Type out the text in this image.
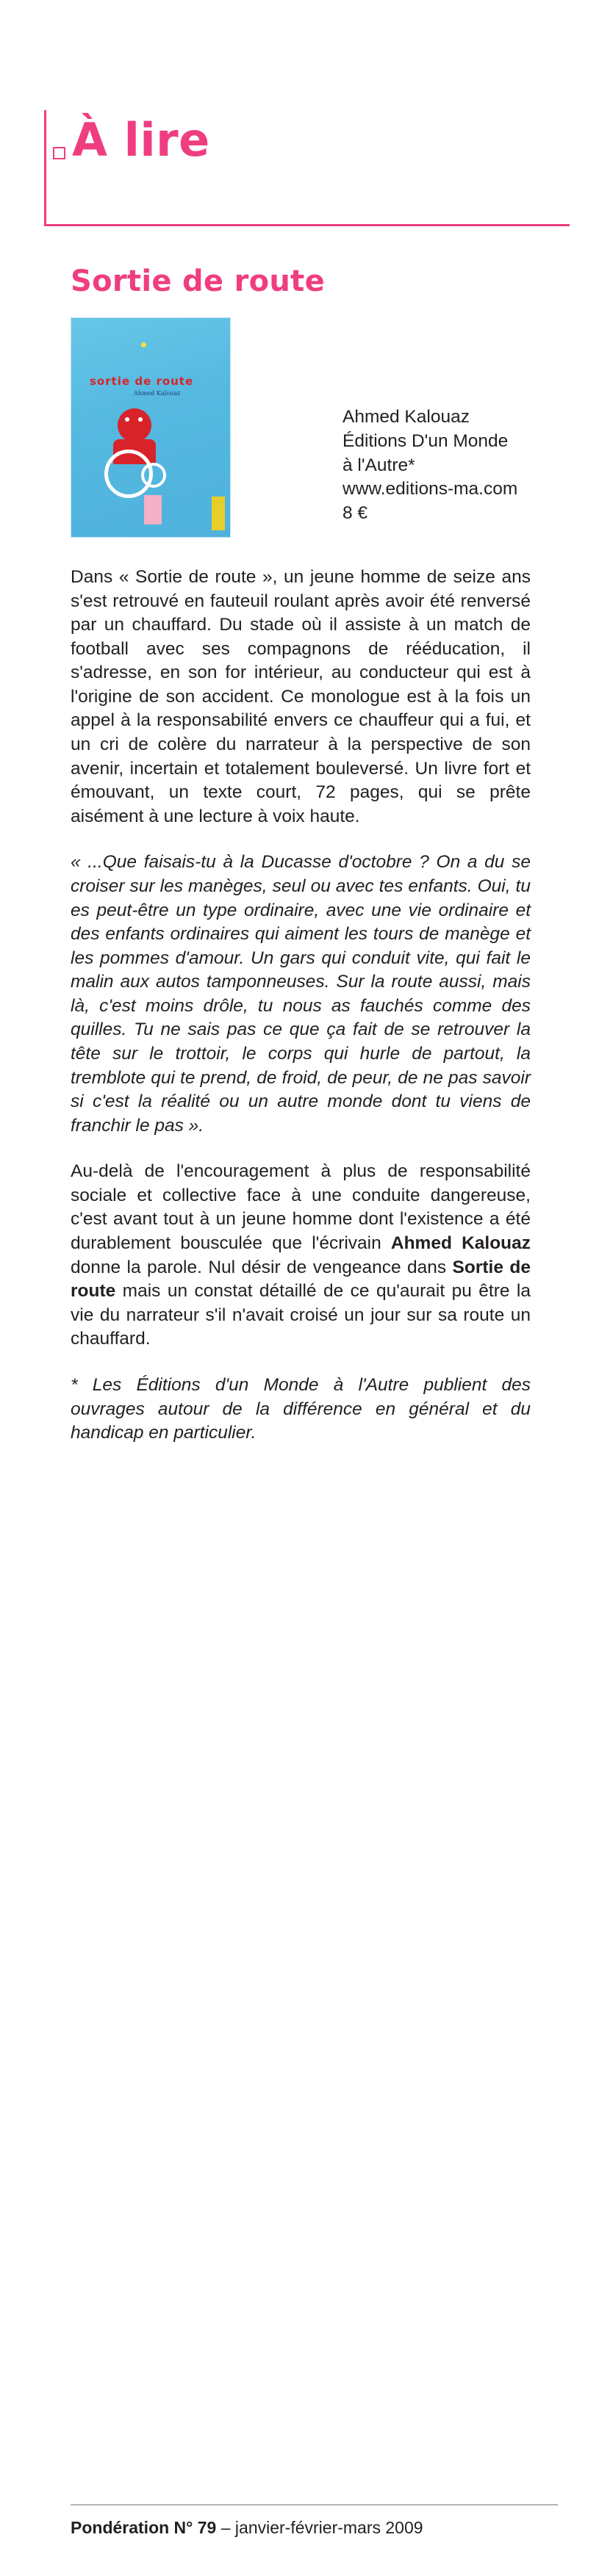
À lire
Sortie de route
sortie de route
Ahmed Kalouaz
Ahmed Kalouaz
Éditions D'un Monde
à l'Autre*
www.editions-ma.com
8 €

Dans « Sortie de route », un jeune homme de seize ans s'est retrouvé en fauteuil roulant après avoir été renversé par un chauffard. Du stade où il assiste à un match de football avec ses compagnons de rééducation, il s'adresse, en son for intérieur, au conducteur qui est à l'origine de son accident. Ce monologue est à la fois un appel à la responsabilité envers ce chauffeur qui a fui, et un cri de colère du narrateur à la perspective de son avenir, incertain et totalement bouleversé. Un livre fort et émouvant, un texte court, 72 pages, qui se prête aisément à une lecture à voix haute.

« ...Que faisais-tu à la Ducasse d'octobre ? On a du se croiser sur les manèges, seul ou avec tes enfants. Oui, tu es peut-être un type ordinaire, avec une vie ordinaire et des enfants ordinaires qui aiment les tours de manège et les pommes d'amour. Un gars qui conduit vite, qui fait le malin aux autos tamponneuses. Sur la route aussi, mais là, c'est moins drôle, tu nous as fauchés comme des quilles. Tu ne sais pas ce que ça fait de se retrouver la tête sur le trottoir, le corps qui hurle de partout, la tremblote qui te prend, de froid, de peur, de ne pas savoir si c'est la réalité ou un autre monde dont tu viens de franchir le pas ».

Au-delà de l'encouragement à plus de responsabilité sociale et collective face à une conduite dangereuse, c'est avant tout à un jeune homme dont l'existence a été durablement bousculée que l'écrivain Ahmed Kalouaz donne la parole. Nul désir de vengeance dans Sortie de route mais un constat détaillé de ce qu'aurait pu être la vie du narrateur s'il n'avait croisé un jour sur sa route un chauffard.

* Les Éditions d'un Monde à l'Autre publient des ouvrages autour de la différence en général et du handicap en particulier.

Pondération N° 79 – janvier-février-mars 2009
